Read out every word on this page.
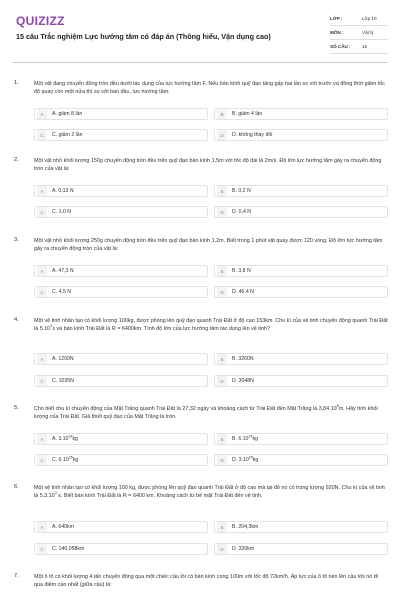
QUIZIZZ
15 câu Trắc nghiệm Lực hướng tâm có đáp án (Thông hiểu, Vận dụng cao)
LỚP :	Lớp 10
MÔN :	Vật lý
SỐ CÂU :	15
1.	Một vật đang chuyển động tròn đều dưới tác dụng của lực hướng tâm F. Nếu bán kính quỹ đạo tăng gấp hai lần so với trước và đồng thời giảm tốc độ quay còn một nửa thì so với ban đầu, lực hướng tâm:
A	A. giảm 8 lần	B	B. giảm 4 lần
C	C. giảm 2 lần	D	D. không thay đổi
2.	Một vật nhỏ khối lượng 150g chuyển động tròn đều trên quỹ đạo bán kính 1,5m với tốc độ dài là 2m/s. Độ lớn lực hướng tâm gây ra chuyển động tròn của vật là:
A	A. 0,13 N	B	B. 0,2 N
C	C. 1,0 N	D	D. 0,4 N
3.	Một vật nhỏ khối lượng 250g chuyển động tròn đều trên quỹ đạo bán kính 1,2m. Biết trong 1 phút vật quay được 120 vòng. Độ lớn lực hướng tâm gây ra chuyển động tròn của vật là:
A	A. 47,3 N	B	B. 3,8 N
C	C. 4,5 N	D	D. 46,4 N
4.	Một vệ tinh nhân tạo có khối lượng 100kg, được phóng lên quỹ đạo quanh Trái Đất ở độ cao 153km. Chu kì của vệ tinh chuyển động quanh Trái Đất là 5.10$^3$s và bán kính Trái Đất là R = 6400km. Tính độ lớn của lực hướng tâm tác dụng lên vệ tinh?
A	A. 1200N	B	B. 3260N
C	C. 1035N	D	D. 3048N
5.	Cho biết chu kì chuyển động của Mặt Trăng quanh Trái Đất là 27,32 ngày và khoảng cách từ Trái Đất đến Mặt Trăng là 3,84.10$^8$m. Hãy tính khối lượng của Trái Đất. Giả thiết quỹ đạo của Mặt Trăng là tròn.
A	A. 3.10$^{24}$kg	B	B. 6.10$^{24}$kg
C	C. 6.10$^{25}$kg	D	D. 3.10$^{25}$kg
6.	Một vệ tinh nhân tạo có khối lượng 100 kg, được phóng lên quỹ đạo quanh Trái Đất ở độ cao mà tại đó nó có trọng lượng 920N. Chu kì của vệ tinh là 5,3.10$^3$ s. Biết bán kính Trái Đất là R = 6400 km. Khoảng cách từ bề mặt Trái Đất đến vệ tinh.
A	A. 640km	B	B. 204,3km
C	C. 146,058km	D	D. 320km
7.	Một ô tô có khối lượng 4 tấn chuyển động qua một chiếc cầu lồi có bán kính cong 100m với tốc độ 72km/h. Áp lực của ô tô nén lên cầu khi nó đi qua điểm cao nhất (giữa cầu) là:
